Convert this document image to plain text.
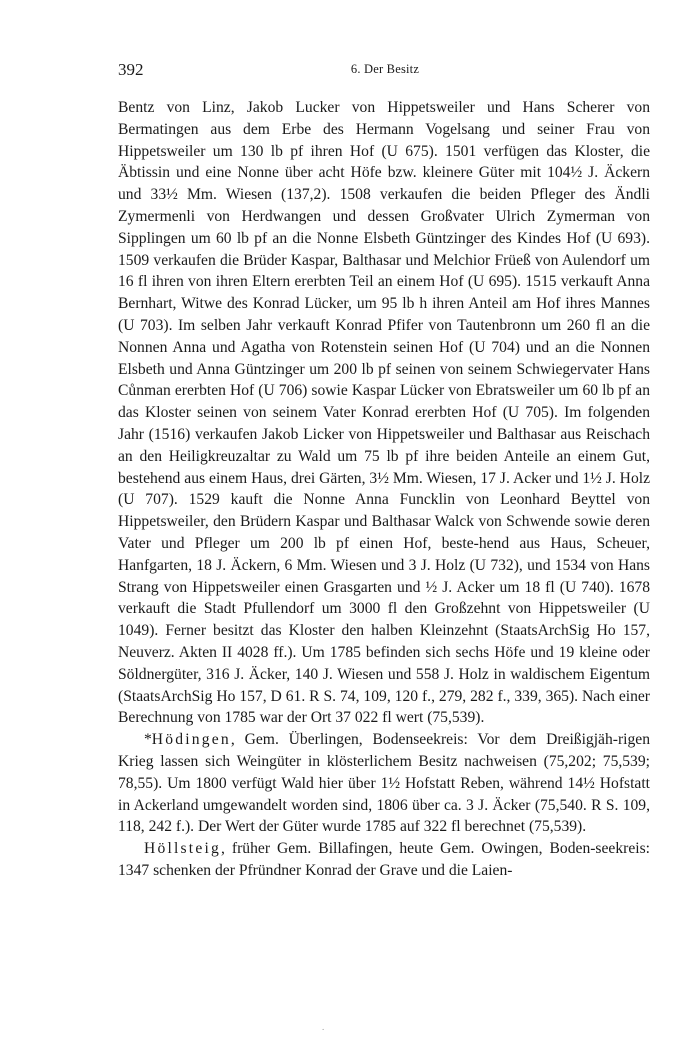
392	6. Der Besitz

Bentz von Linz, Jakob Lucker von Hippetsweiler und Hans Scherer von Bermatingen aus dem Erbe des Hermann Vogelsang und seiner Frau von Hippetsweiler um 130 lb pf ihren Hof (U 675). 1501 verfügen das Kloster, die Äbtissin und eine Nonne über acht Höfe bzw. kleinere Güter mit 104½ J. Äckern und 33½ Mm. Wiesen (137,2). 1508 verkaufen die beiden Pfleger des Ändli Zymermenli von Herdwangen und dessen Großvater Ulrich Zymerman von Sipplingen um 60 lb pf an die Nonne Elsbeth Güntzinger des Kindes Hof (U 693). 1509 verkaufen die Brüder Kaspar, Balthasar und Melchior Früeß von Aulendorf um 16 fl ihren von ihren Eltern ererbten Teil an einem Hof (U 695). 1515 verkauft Anna Bernhart, Witwe des Konrad Lücker, um 95 lb h ihren Anteil am Hof ihres Mannes (U 703). Im selben Jahr verkauft Konrad Pfifer von Tautenbronn um 260 fl an die Nonnen Anna und Agatha von Rotenstein seinen Hof (U 704) und an die Nonnen Elsbeth und Anna Güntzinger um 200 lb pf seinen von seinem Schwiegervater Hans Cůnman ererbten Hof (U 706) sowie Kaspar Lücker von Ebratsweiler um 60 lb pf an das Kloster seinen von seinem Vater Konrad ererbten Hof (U 705). Im folgenden Jahr (1516) verkaufen Jakob Licker von Hippetsweiler und Balthasar aus Reischach an den Heiligkreuzaltar zu Wald um 75 lb pf ihre beiden Anteile an einem Gut, bestehend aus einem Haus, drei Gärten, 3½ Mm. Wiesen, 17 J. Acker und 1½ J. Holz (U 707). 1529 kauft die Nonne Anna Funcklin von Leonhard Beyttel von Hippetsweiler, den Brüdern Kaspar und Balthasar Walck von Schwende sowie deren Vater und Pfleger um 200 lb pf einen Hof, beste-hend aus Haus, Scheuer, Hanfgarten, 18 J. Äckern, 6 Mm. Wiesen und 3 J. Holz (U 732), und 1534 von Hans Strang von Hippetsweiler einen Grasgarten und ½ J. Acker um 18 fl (U 740). 1678 verkauft die Stadt Pfullendorf um 3000 fl den Großzehnt von Hippetsweiler (U 1049). Ferner besitzt das Kloster den halben Kleinzehnt (StaatsArchSig Ho 157, Neuverz. Akten II 4028 ff.). Um 1785 befinden sich sechs Höfe und 19 kleine oder Söldnergüter, 316 J. Äcker, 140 J. Wiesen und 558 J. Holz in waldischem Eigentum (StaatsArchSig Ho 157, D 61. R S. 74, 109, 120 f., 279, 282 f., 339, 365). Nach einer Berechnung von 1785 war der Ort 37 022 fl wert (75,539).

*Hödingen, Gem. Überlingen, Bodenseekreis: Vor dem Dreißigjäh-rigen Krieg lassen sich Weingüter in klösterlichem Besitz nachweisen (75,202; 75,539; 78,55). Um 1800 verfügt Wald hier über 1½ Hofstatt Reben, während 14½ Hofstatt in Ackerland umgewandelt worden sind, 1806 über ca. 3 J. Äcker (75,540. R S. 109, 118, 242 f.). Der Wert der Güter wurde 1785 auf 322 fl berechnet (75,539).

Höllsteig, früher Gem. Billafingen, heute Gem. Owingen, Boden-seekreis: 1347 schenken der Pfründner Konrad der Grave und die Laien-

.
